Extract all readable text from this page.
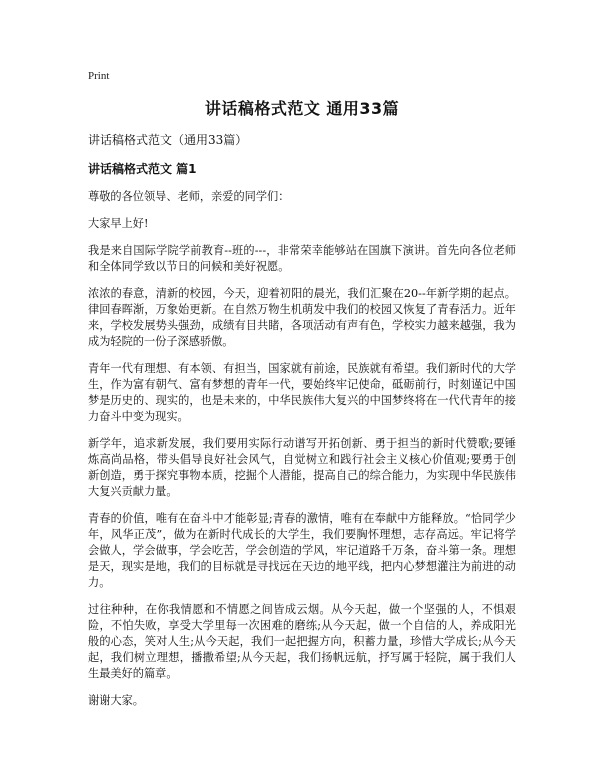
Print
讲话稿格式范文 通用33篇

讲话稿格式范文（通用33篇）

讲话稿格式范文 篇1

尊敬的各位领导、老师，亲爱的同学们：

大家早上好!

我是来自国际学院学前教育--班的---，非常荣幸能够站在国旗下演讲。首先向各位老师和全体同学致以节日的问候和美好祝愿。

浓浓的春意，清新的校园，今天，迎着初阳的晨光，我们汇聚在20--年新学期的起点。律回春晖渐，万象始更新。在自然万物生机萌发中我们的校园又恢复了青春活力。近年来，学校发展势头强劲，成绩有目共睹，各项活动有声有色，学校实力越来越强，我为成为轻院的一份子深感骄傲。

青年一代有理想、有本领、有担当，国家就有前途，民族就有希望。我们新时代的大学生，作为富有朝气、富有梦想的青年一代，要始终牢记使命，砥砺前行，时刻谨记中国梦是历史的、现实的，也是未来的，中华民族伟大复兴的中国梦终将在一代代青年的接力奋斗中变为现实。

新学年，追求新发展，我们要用实际行动谱写开拓创新、勇于担当的新时代赞歌;要锤炼高尚品格，带头倡导良好社会风气，自觉树立和践行社会主义核心价值观;要勇于创新创造，勇于探究事物本质，挖掘个人潜能，提高自己的综合能力，为实现中华民族伟大复兴贡献力量。

青春的价值，唯有在奋斗中才能彰显;青春的激情，唯有在奉献中方能释放。“恰同学少年，风华正茂”，做为在新时代成长的大学生，我们要胸怀理想，志存高远。牢记将学会做人，学会做事，学会吃苦，学会创造的学风，牢记道路千万条，奋斗第一条。理想是天，现实是地，我们的目标就是寻找远在天边的地平线，把内心梦想灌注为前进的动力。

过往种种，在你我情愿和不情愿之间皆成云烟。从今天起，做一个坚强的人，不惧艰险，不怕失败，享受大学里每一次困难的磨练;从今天起，做一个自信的人，养成阳光般的心态，笑对人生;从今天起，我们一起把握方向，积蓄力量，珍惜大学成长;从今天起，我们树立理想，播撒希望;从今天起，我们扬帆远航，抒写属于轻院，属于我们人生最美好的篇章。

谢谢大家。
